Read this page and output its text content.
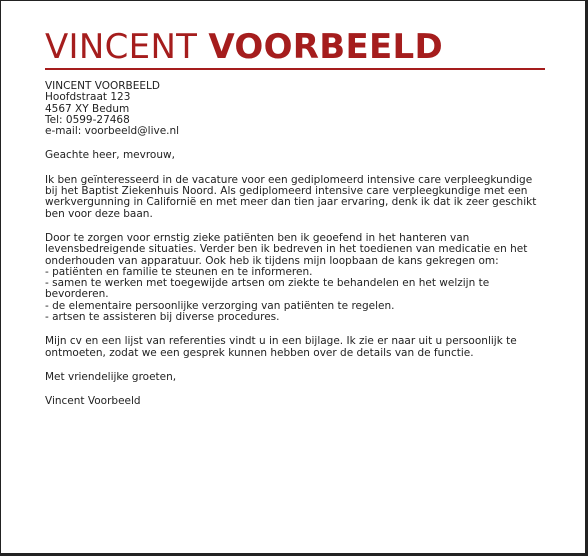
VINCENT VOORBEELD
VINCENT VOORBEELD
Hoofdstraat 123
4567 XY Bedum
Tel: 0599-27468
e-mail: voorbeeld@live.nl
Geachte heer, mevrouw,
Ik ben geïnteresseerd in de vacature voor een gediplomeerd intensive care verpleegkundige
bij het Baptist Ziekenhuis Noord. Als gediplomeerd intensive care verpleegkundige met een
werkvergunning in Californië en met meer dan tien jaar ervaring, denk ik dat ik zeer geschikt
ben voor deze baan.
Door te zorgen voor ernstig zieke patiënten ben ik geoefend in het hanteren van
levensbedreigende situaties. Verder ben ik bedreven in het toedienen van medicatie en het
onderhouden van apparatuur. Ook heb ik tijdens mijn loopbaan de kans gekregen om:
- patiënten en familie te steunen en te informeren.
- samen te werken met toegewijde artsen om ziekte te behandelen en het welzijn te
bevorderen.
- de elementaire persoonlijke verzorging van patiënten te regelen.
- artsen te assisteren bij diverse procedures.
Mijn cv en een lijst van referenties vindt u in een bijlage. Ik zie er naar uit u persoonlijk te
ontmoeten, zodat we een gesprek kunnen hebben over de details van de functie.
Met vriendelijke groeten,
Vincent Voorbeeld
